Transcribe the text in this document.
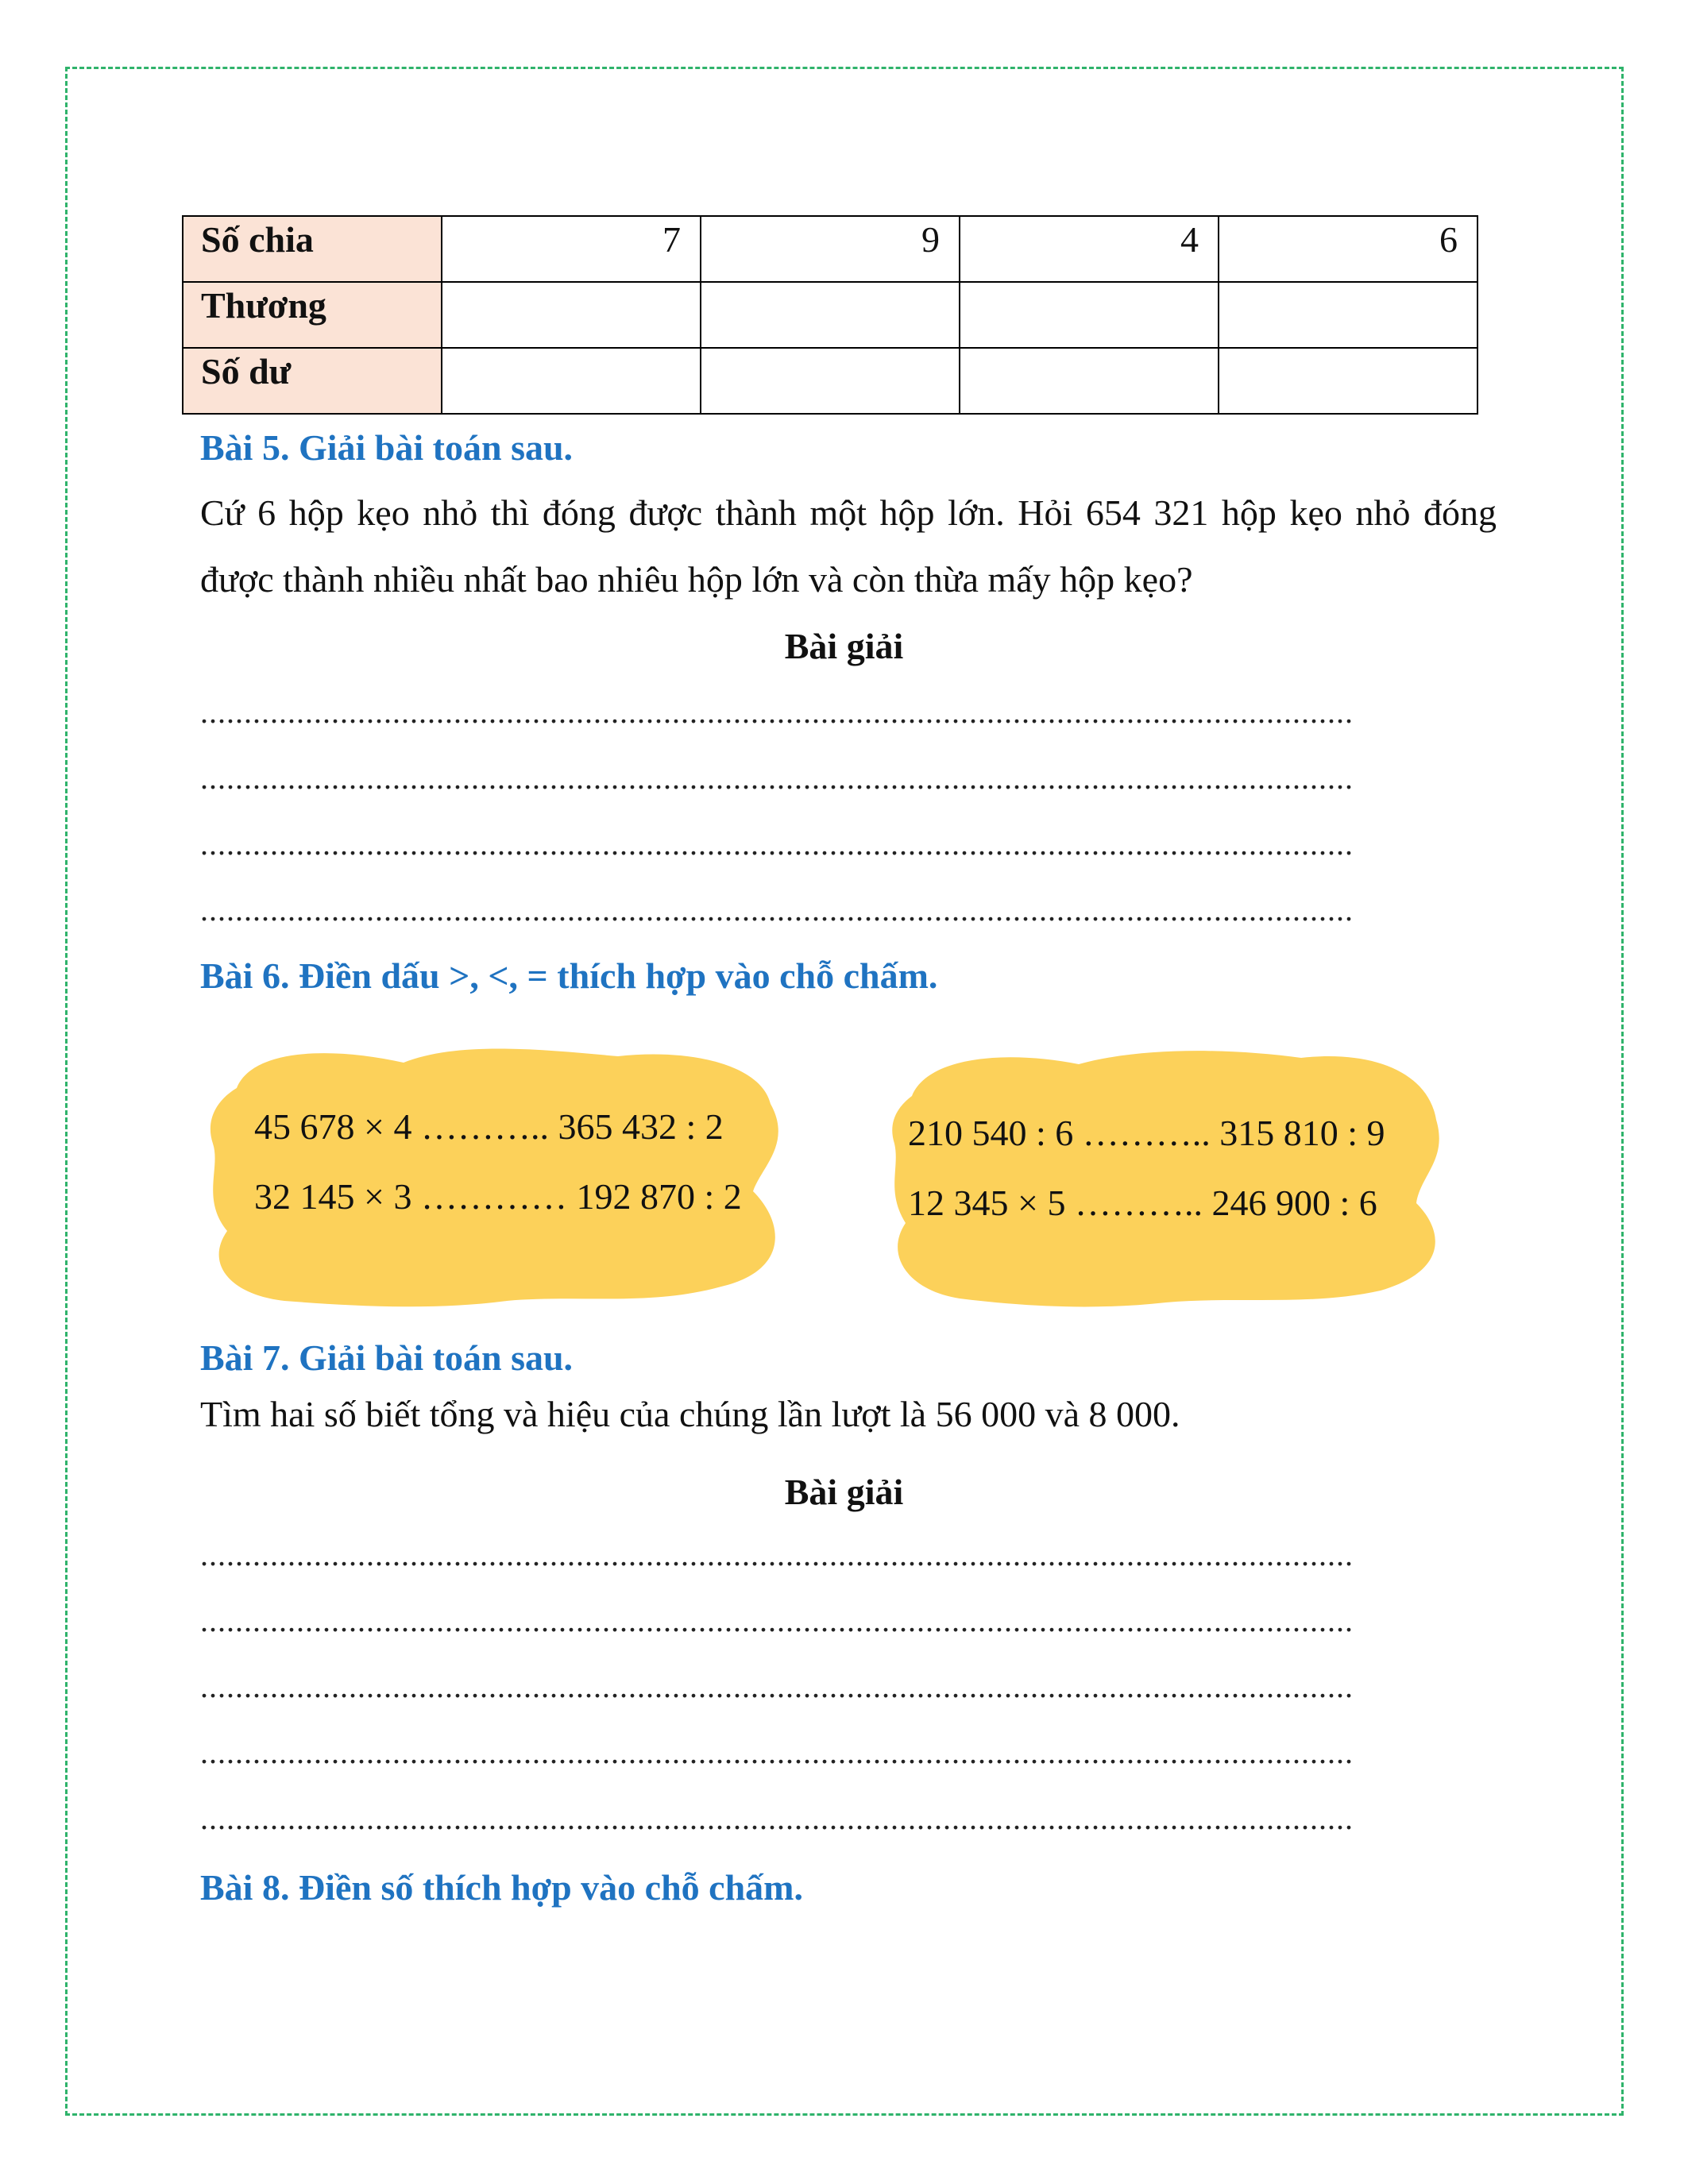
Số chia	7	9	4	6
Thương				
Số dư				
Bài 5. Giải bài toán sau.
Cứ 6 hộp kẹo nhỏ thì đóng được thành một hộp lớn. Hỏi 654 321 hộp kẹo nhỏ đóng được thành nhiều nhất bao nhiêu hộp lớn và còn thừa mấy hộp kẹo?
Bài giải
....................................................................................................................................
....................................................................................................................................
....................................................................................................................................
....................................................................................................................................
Bài 6. Điền dấu >, <, = thích hợp vào chỗ chấm.
45 678 × 4 ……….. 365 432 : 2
32 145 × 3 ………… 192 870 : 2
210 540 : 6 ……….. 315 810 : 9
12 345 × 5 ……….. 246 900 : 6
Bài 7. Giải bài toán sau.
Tìm hai số biết tổng và hiệu của chúng lần lượt là 56 000 và 8 000.
Bài giải
....................................................................................................................................
....................................................................................................................................
....................................................................................................................................
....................................................................................................................................
....................................................................................................................................
Bài 8. Điền số thích hợp vào chỗ chấm.
